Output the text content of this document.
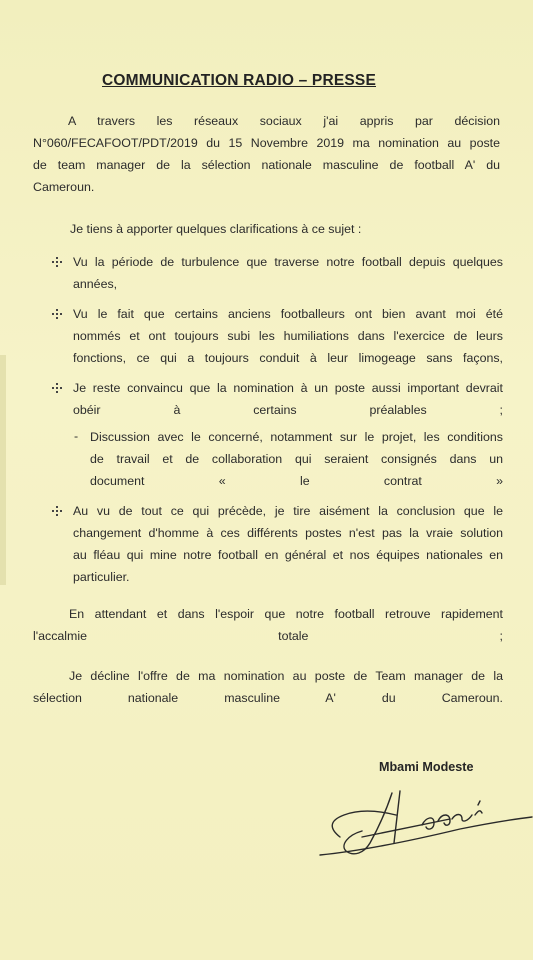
COMMUNICATION RADIO – PRESSE
A travers les réseaux sociaux j'ai appris par décision
N°060/FECAFOOT/PDT/2019 du 15 Novembre 2019 ma nomination au poste
de team manager de la sélection nationale masculine de football A' du
Cameroun.
Je tiens à apporter quelques clarifications à ce sujet :
Vu la période de turbulence que traverse notre football depuis quelques
années,
Vu le fait que certains anciens footballeurs ont bien avant moi été
nommés et ont toujours subi les humiliations dans l'exercice de leurs
fonctions, ce qui a toujours conduit à leur limogeage sans façons,
Je reste convaincu que la nomination à un poste aussi important devrait
obéir à certains préalables ;
- Discussion avec le concerné, notamment sur le projet, les conditions
de travail et de collaboration qui seraient consignés dans un
document « le contrat »
Au vu de tout ce qui précède, je tire aisément la conclusion que le
changement d'homme à ces différents postes n'est pas la vraie solution
au fléau qui mine notre football en général et nos équipes nationales en
particulier.
En attendant et dans l'espoir que notre football retrouve rapidement
l'accalmie totale ;
Je décline l'offre de ma nomination au poste de Team manager de la
sélection nationale masculine A' du Cameroun.
Mbami Modeste
